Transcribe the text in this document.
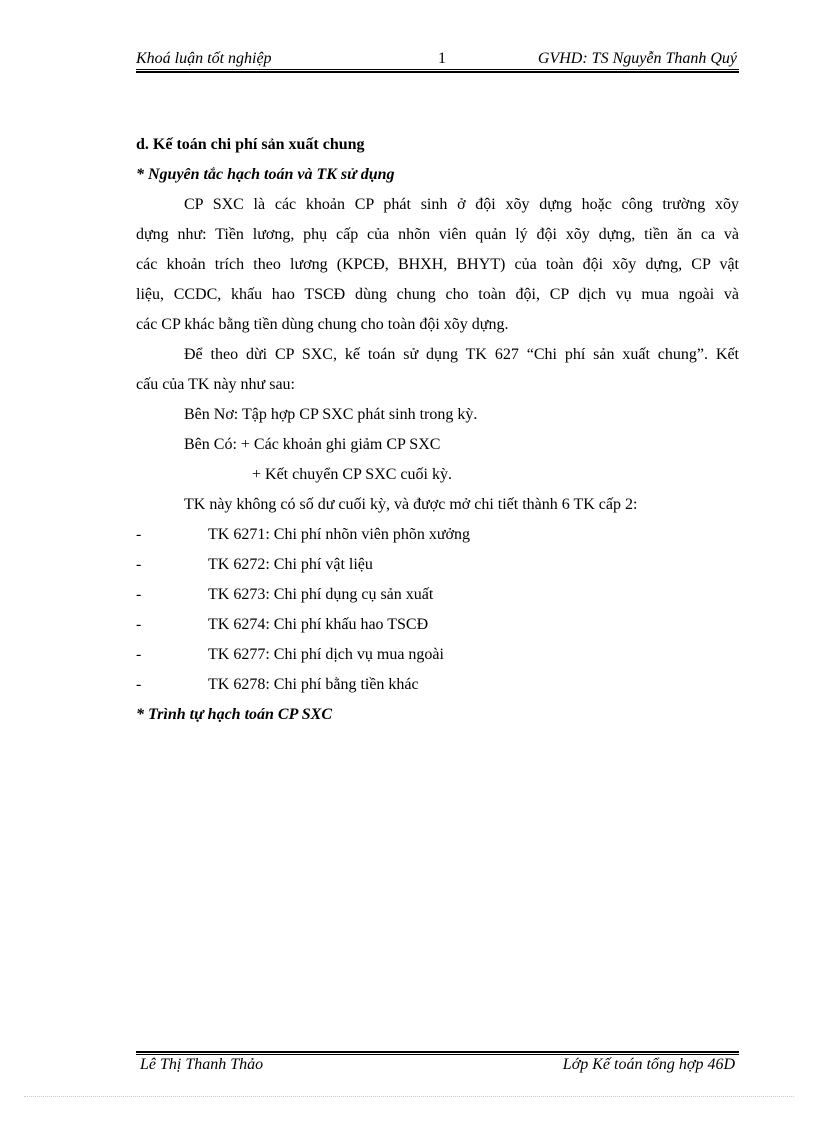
Khoá luận tốt nghiệp	1	GVHD: TS Nguyễn Thanh Quý
d. Kế toán chi phí sản xuất chung
* Nguyên tắc hạch toán và TK sử dụng
CP SXC là các khoản CP phát sinh ở đội xõy dựng hoặc công trường xõy
dựng như: Tiền lương, phụ cấp của nhõn viên quản lý đội xõy dựng, tiền ăn ca và
các khoản trích theo lương (KPCĐ, BHXH, BHYT) của toàn đội xõy dựng, CP vật
liệu, CCDC, khấu hao TSCĐ dùng chung cho toàn đội, CP dịch vụ mua ngoài và
các CP khác bằng tiền dùng chung cho toàn đội xõy dựng.
Để theo dừi CP SXC, kế toán sử dụng TK 627 “Chi phí sản xuất chung”. Kết
cấu của TK này như sau:
Bên Nơ: Tập hợp CP SXC phát sinh trong kỳ.
Bên Có: + Các khoản ghi giảm CP SXC
+ Kết chuyển CP SXC cuối kỳ.
TK này không có số dư cuối kỳ, và được mở chi tiết thành 6 TK cấp 2:
-	TK 6271: Chi phí nhõn viên phõn xưởng
-	TK 6272: Chi phí vật liệu
-	TK 6273: Chi phí dụng cụ sản xuất
-	TK 6274: Chi phí khấu hao TSCĐ
-	TK 6277: Chi phí dịch vụ mua ngoài
-	TK 6278: Chi phí bằng tiền khác
* Trình tự hạch toán CP SXC
Lê Thị Thanh Thảo	Lớp Kế toán tổng hợp 46D
